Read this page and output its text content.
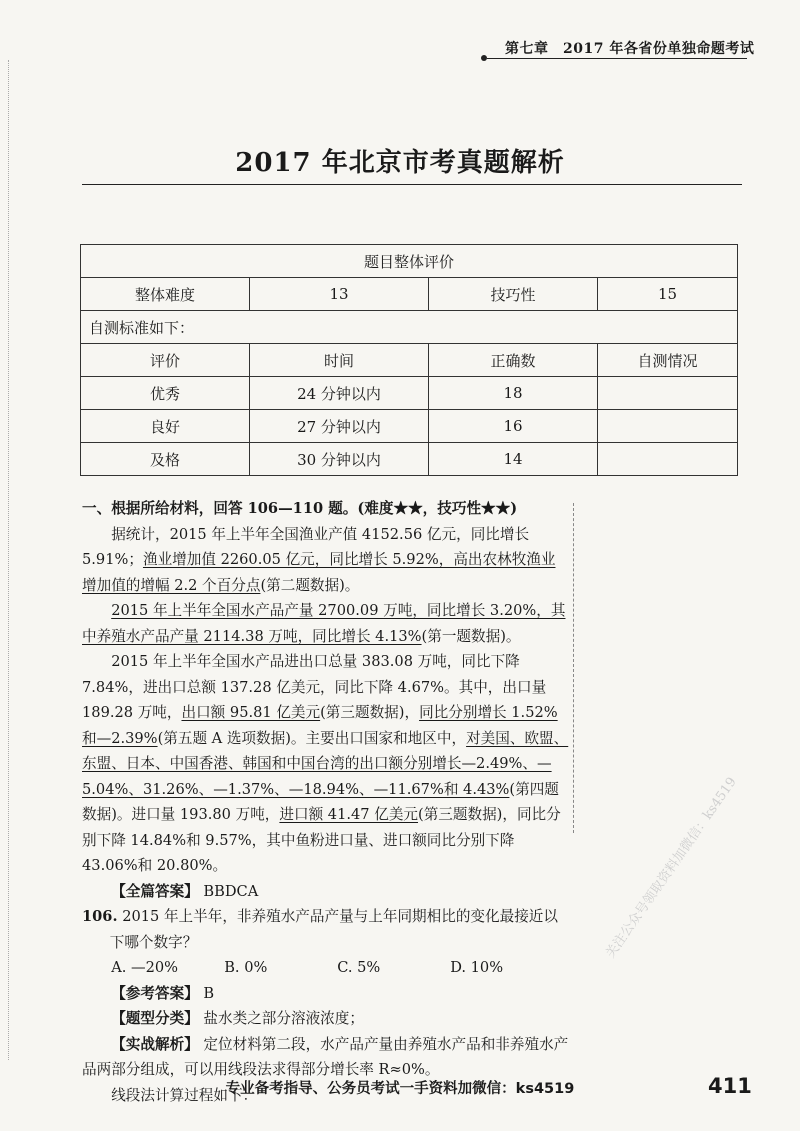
第七章　2017 年各省份单独命题考试
2017 年北京市考真题解析
题目整体评价			
整体难度	13	技巧性	15
自测标准如下：			
评价	时间	正确数	自测情况
优秀	24 分钟以内	18	
良好	27 分钟以内	16	
及格	30 分钟以内	14	

一、根据所给材料，回答 106—110 题。(难度★★，技巧性★★)

据统计，2015 年上半年全国渔业产值 4152.56 亿元，同比增长 5.91%；渔业增加值 2260.05 亿元，同比增长 5.92%，高出农林牧渔业增加值的增幅 2.2 个百分点(第二题数据)。

2015 年上半年全国水产品产量 2700.09 万吨，同比增长 3.20%，其中养殖水产品产量 2114.38 万吨，同比增长 4.13%(第一题数据)。

2015 年上半年全国水产品进出口总量 383.08 万吨，同比下降 7.84%，进出口总额 137.28 亿美元，同比下降 4.67%。其中，出口量 189.28 万吨，出口额 95.81 亿美元(第三题数据)，同比分别增长 1.52%和—2.39%(第五题 A 选项数据)。主要出口国家和地区中，对美国、欧盟、东盟、日本、中国香港、韩国和中国台湾的出口额分别增长—2.49%、—5.04%、31.26%、—1.37%、—18.94%、—11.67%和 4.43%(第四题数据)。进口量 193.80 万吨，进口额 41.47 亿美元(第三题数据)，同比分别下降 14.84%和 9.57%，其中鱼粉进口量、进口额同比分别下降 43.06%和 20.80%。

【全篇答案】 BBDCA

106. 2015 年上半年，非养殖水产品产量与上年同期相比的变化最接近以下哪个数字？

A. —20%	B. 0%	C. 5%	D. 10%

【参考答案】 B

【题型分类】 盐水类之部分溶液浓度；

【实战解析】 定位材料第二段，水产品产量由养殖水产品和非养殖水产品两部分组成，可以用线段法求得部分增长率 R≈0%。

线段法计算过程如下：

关注公众号领取资料加微信：ks4519
专业备考指导、公务员考试一手资料加微信：ks4519	411
